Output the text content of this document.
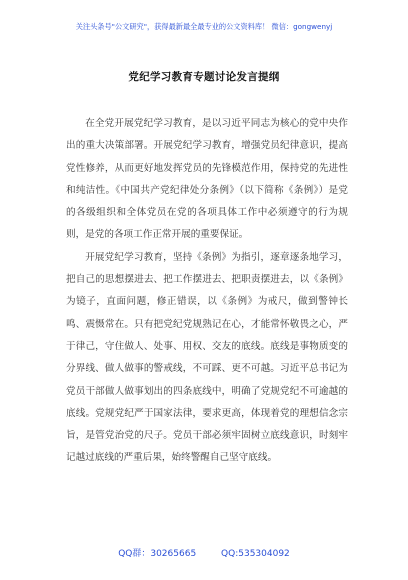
关注头条号"公文研究"，获得最新最全最专业的公文资料库！ 微信：gongwenyj
党纪学习教育专题讨论发言提纲

在全党开展党纪学习教育，是以习近平同志为核心的党中央作出的重大决策部署。开展党纪学习教育，增强党员纪律意识，提高党性修养，从而更好地发挥党员的先锋模范作用，保持党的先进性和纯洁性。《中国共产党纪律处分条例》（以下简称《条例》）是党的各级组织和全体党员在党的各项具体工作中必须遵守的行为规则，是党的各项工作正常开展的重要保证。

开展党纪学习教育，坚持《条例》为指引，逐章逐条地学习，把自己的思想摆进去、把工作摆进去、把职责摆进去，以《条例》为镜子，直面问题，修正错误，以《条例》为戒尺，做到警钟长鸣、震慑常在。只有把党纪党规熟记在心，才能常怀敬畏之心，严于律己，守住做人、处事、用权、交友的底线。底线是事物质变的分界线、做人做事的警戒线，不可踩、更不可越。习近平总书记为党员干部做人做事划出的四条底线中，明确了党规党纪不可逾越的底线。党规党纪严于国家法律，要求更高，体现着党的理想信念宗旨，是管党治党的尺子。党员干部必须牢固树立底线意识，时刻牢记越过底线的严重后果，始终警醒自己坚守底线。

QQ群：30265665	QQ:535304092
